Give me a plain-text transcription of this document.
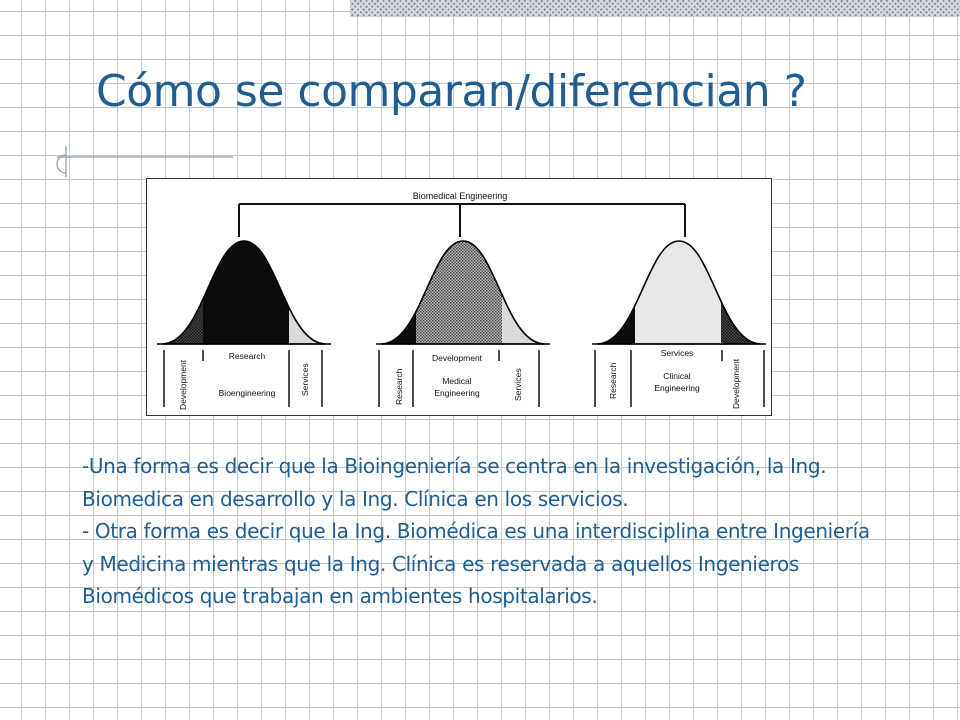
Cómo se comparan/diferencian ?
Biomedical Engineering
Development
Research
Bioengineering	Services	Research
Development
Medical
Engineering	Services	Research
Services
Clinical
Engineering	Development

-Una forma es decir que la Bioingeniería se centra en la investigación, la Ing. Biomedica en desarrollo y la Ing. Clínica en los servicios.

- Otra forma es decir que la Ing. Biomédica es una interdisciplina entre Ingeniería y Medicina mientras que la Ing. Clínica es reservada a aquellos Ingenieros Biomédicos que trabajan en ambientes hospitalarios.
